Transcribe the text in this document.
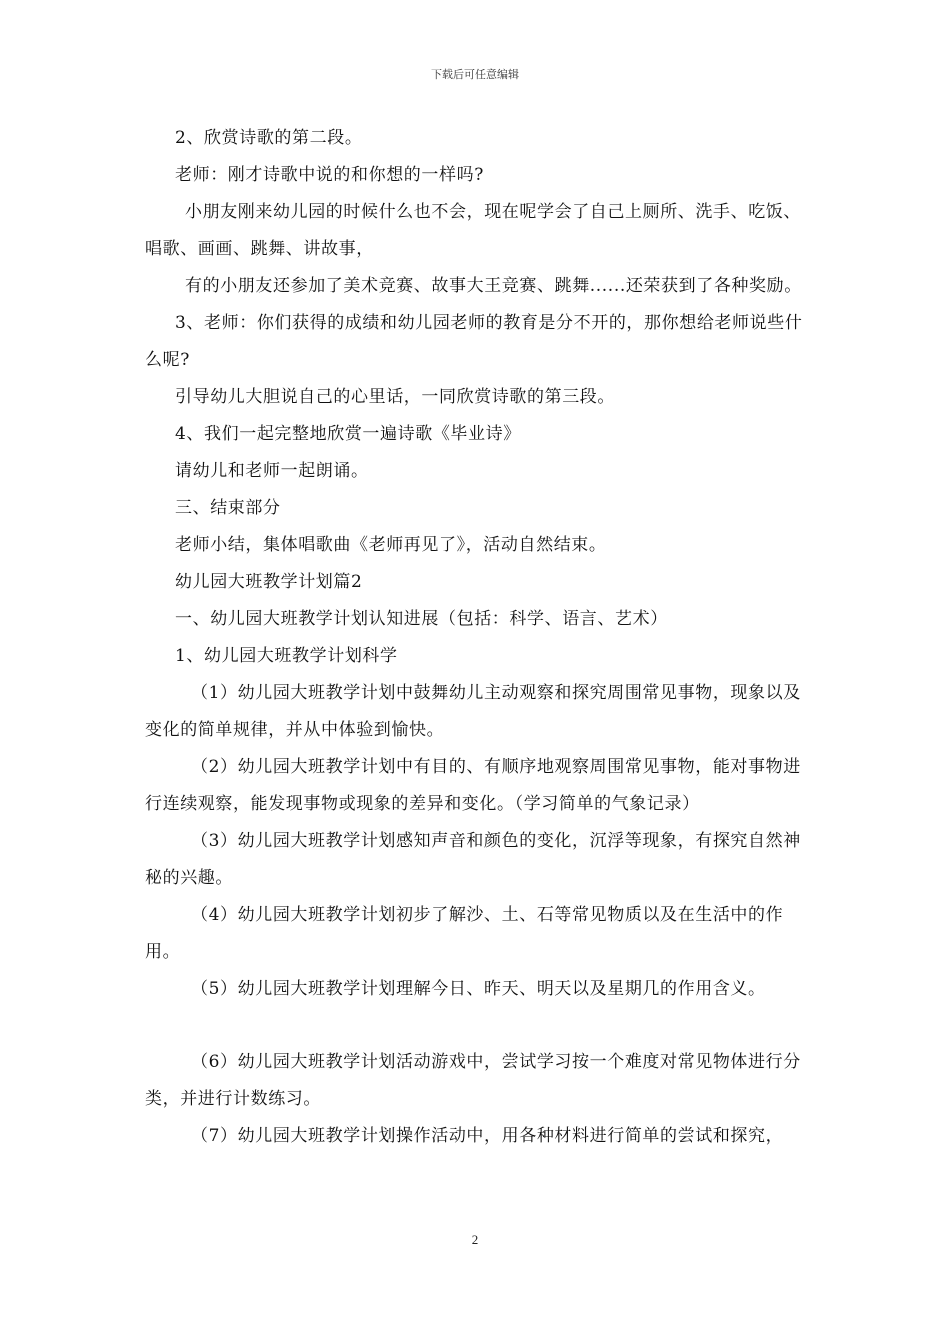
下载后可任意编辑

2、欣赏诗歌的第二段。

老师：刚才诗歌中说的和你想的一样吗?

小朋友刚来幼儿园的时候什么也不会，现在呢学会了自己上厕所、洗手、吃饭、唱歌、画画、跳舞、讲故事，

有的小朋友还参加了美术竞赛、故事大王竞赛、跳舞......还荣获到了各种奖励。

3、老师：你们获得的成绩和幼儿园老师的教育是分不开的，那你想给老师说些什么呢?

引导幼儿大胆说自己的心里话，一同欣赏诗歌的第三段。

4、我们一起完整地欣赏一遍诗歌《毕业诗》

请幼儿和老师一起朗诵。

三、结束部分

老师小结，集体唱歌曲《老师再见了》，活动自然结束。

幼儿园大班教学计划篇2

一、幼儿园大班教学计划认知进展（包括：科学、语言、艺术）

1、幼儿园大班教学计划科学

（1）幼儿园大班教学计划中鼓舞幼儿主动观察和探究周围常见事物，现象以及变化的简单规律，并从中体验到愉快。

（2）幼儿园大班教学计划中有目的、有顺序地观察周围常见事物，能对事物进行连续观察，能发现事物或现象的差异和变化。（学习简单的气象记录）

（3）幼儿园大班教学计划感知声音和颜色的变化，沉浮等现象，有探究自然神秘的兴趣。

（4）幼儿园大班教学计划初步了解沙、土、石等常见物质以及在生活中的作用。

（5）幼儿园大班教学计划理解今日、昨天、明天以及星期几的作用含义。

（6）幼儿园大班教学计划活动游戏中，尝试学习按一个难度对常见物体进行分类，并进行计数练习。

（7）幼儿园大班教学计划操作活动中，用各种材料进行简单的尝试和探究，

2
